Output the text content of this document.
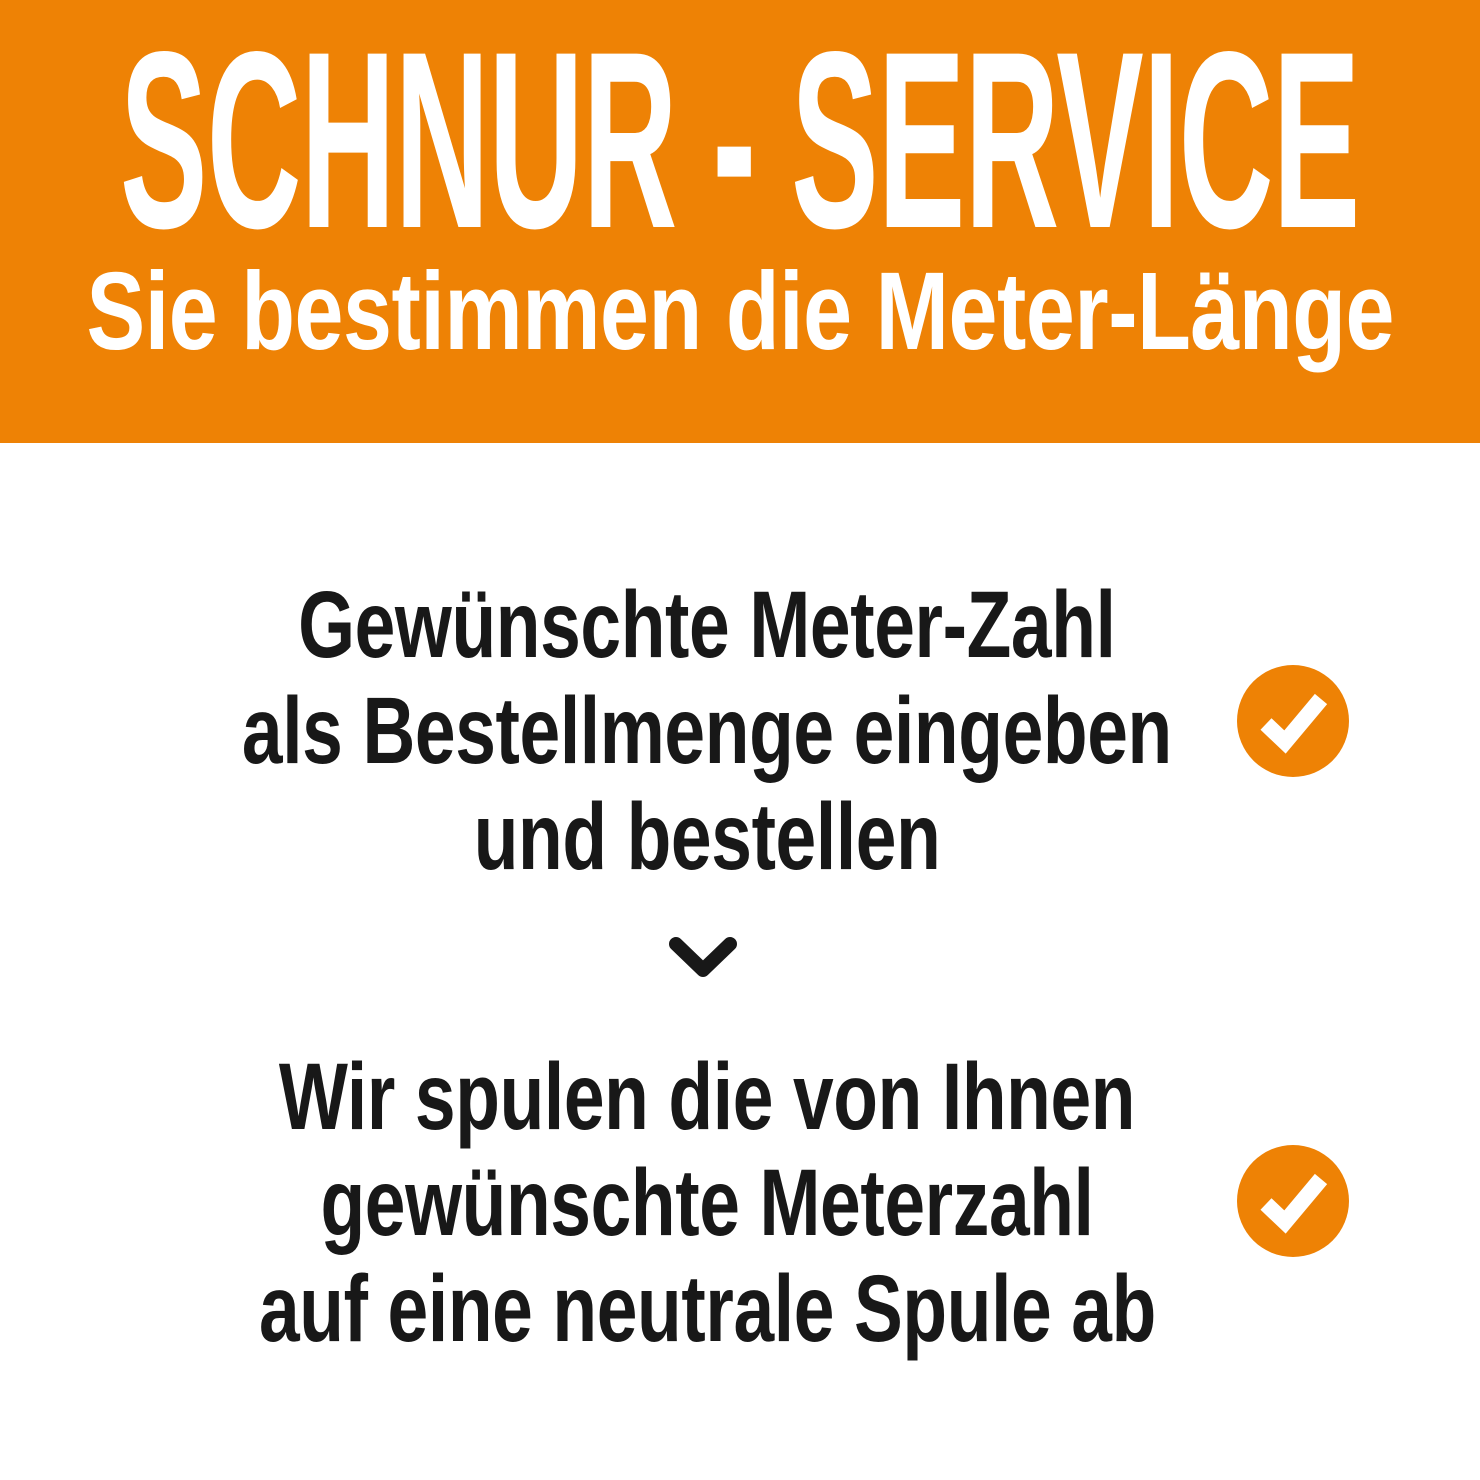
SCHNUR - SERVICE
Sie bestimmen die Meter-Länge
Gewünschte Meter-Zahl
als Bestellmenge eingeben
und bestellen
Wir spulen die von Ihnen
gewünschte Meterzahl
auf eine neutrale Spule ab
